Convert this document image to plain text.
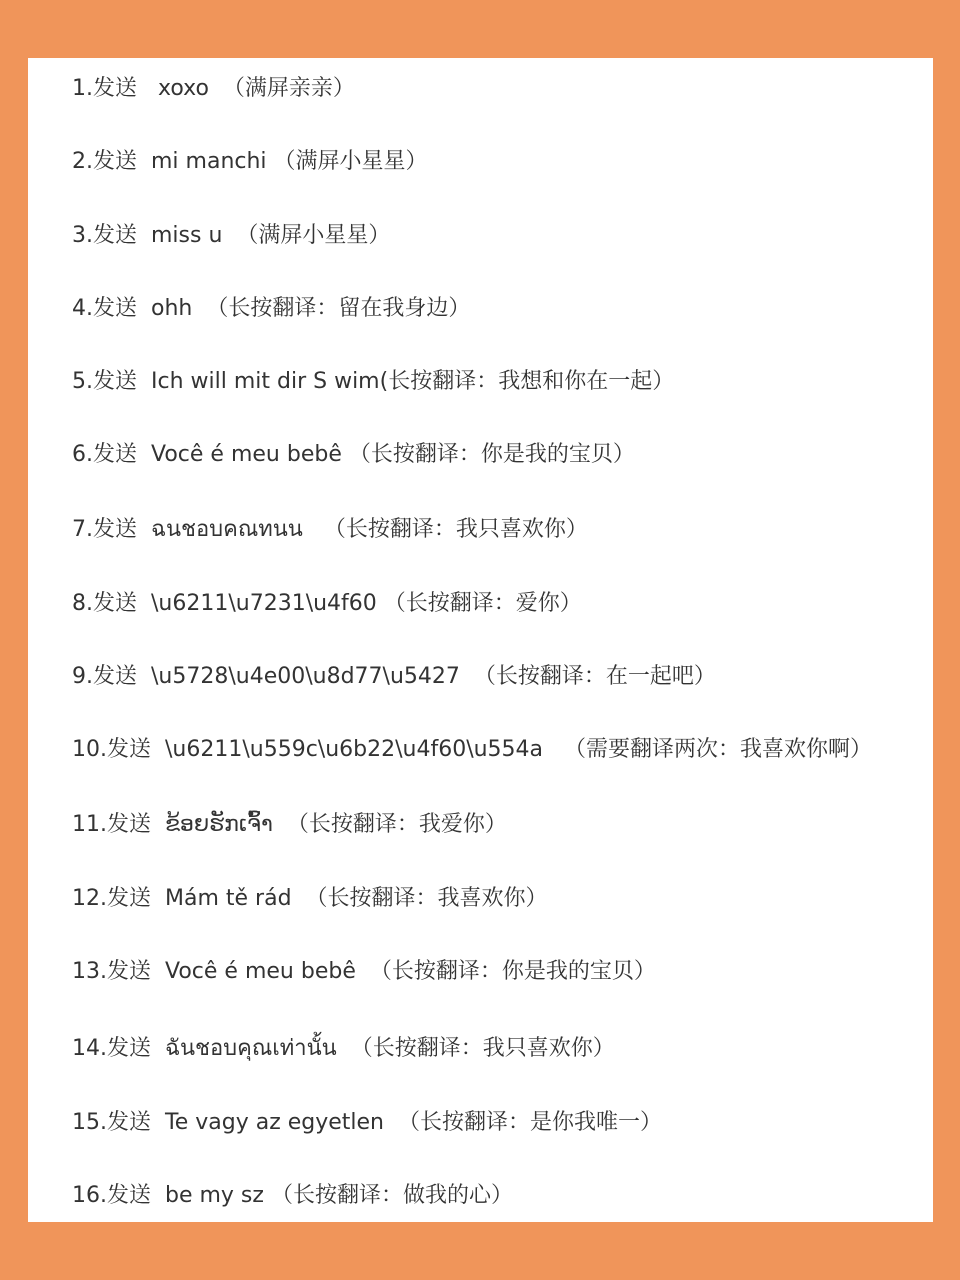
1.发送 xoxo （满屏亲亲）
2.发送 mi manchi （满屏小星星）
3.发送 miss u （满屏小星星）
4.发送 ohh （长按翻译：留在我身边）
5.发送 Ich will mit dir S wim(长按翻译：我想和你在一起）
6.发送 Você é meu bebê （长按翻译：你是我的宝贝）
7.发送 ฉนชอบคณทนน （长按翻译：我只喜欢你）
8.发送 \u6211\u7231\u4f60 （长按翻译：爱你）
9.发送 \u5728\u4e00\u8d77\u5427 （长按翻译：在一起吧）
10.发送 \u6211\u559c\u6b22\u4f60\u554a （需要翻译两次：我喜欢你啊）
11.发送 ຂ້ອຍຮັກເຈົ້າ （长按翻译：我爱你）
12.发送 Mám tě rád （长按翻译：我喜欢你）
13.发送 Você é meu bebê （长按翻译：你是我的宝贝）
14.发送 ฉันชอบคุณเท่านั้น （长按翻译：我只喜欢你）
15.发送 Te vagy az egyetlen （长按翻译：是你我唯一）
16.发送 be my sz （长按翻译：做我的心）
